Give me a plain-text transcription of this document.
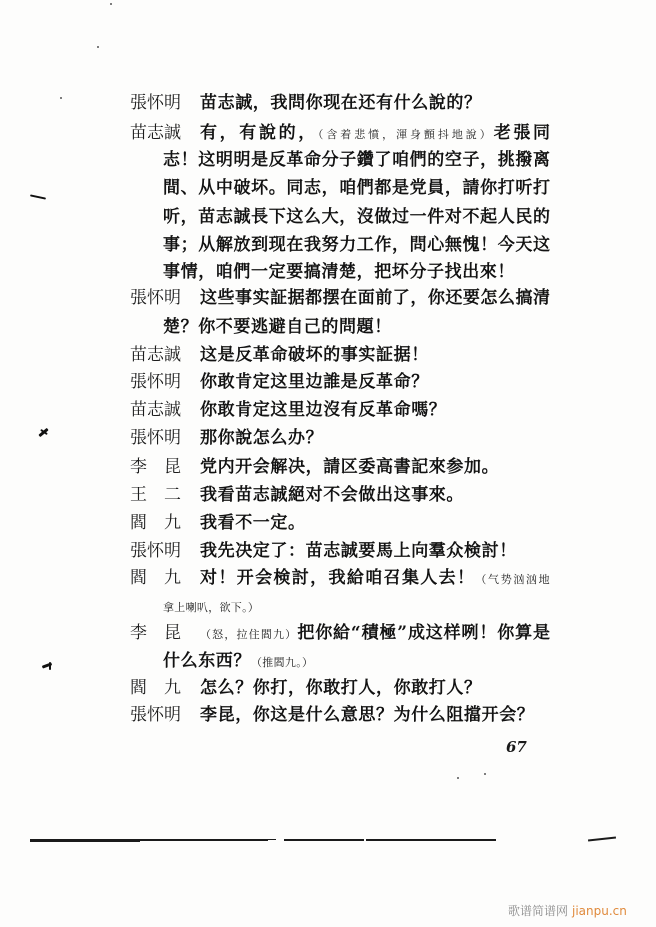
張怀明 苗志誠，我問你现在还有什么說的？
苗志誠 有，有說的，（含着悲憤，渾身顫抖地說）老張同
志！这明明是反革命分子鑽了咱們的空子，挑撥离
間、从中破坏。同志，咱們都是党員，請你打听打
听，苗志誠長下这么大，沒做过一件对不起人民的
事；从解放到现在我努力工作，問心無愧！今天这
事情，咱們一定要搞清楚，把坏分子找出來！
張怀明 这些事实証据都摆在面前了，你还要怎么搞清
楚？你不要逃避自己的問題！
苗志誠 这是反革命破坏的事实証据！
張怀明 你敢肯定这里边誰是反革命？
苗志誠 你敢肯定这里边沒有反革命嗎？
張怀明 那你說怎么办？
李昆 党内开会解决，請区委高書記來参加。
王二 我看苗志誠絕对不会做出这事來。
閻九 我看不一定。
張怀明 我先决定了：苗志誠要馬上向羣众検討！
閻九 对！开会検討，我給咱召集人去！（气势汹汹地
拿上喇叭，欲下。）
李昆 （怒，拉住閻九）把你給“積極”成这样咧！你算是
什么东西？（推閻九。）
閻九 怎么？你打，你敢打人，你敢打人？
張怀明 李昆，你这是什么意思？为什么阻擋开会？
67
歌谱简谱网 jianpu.cn
